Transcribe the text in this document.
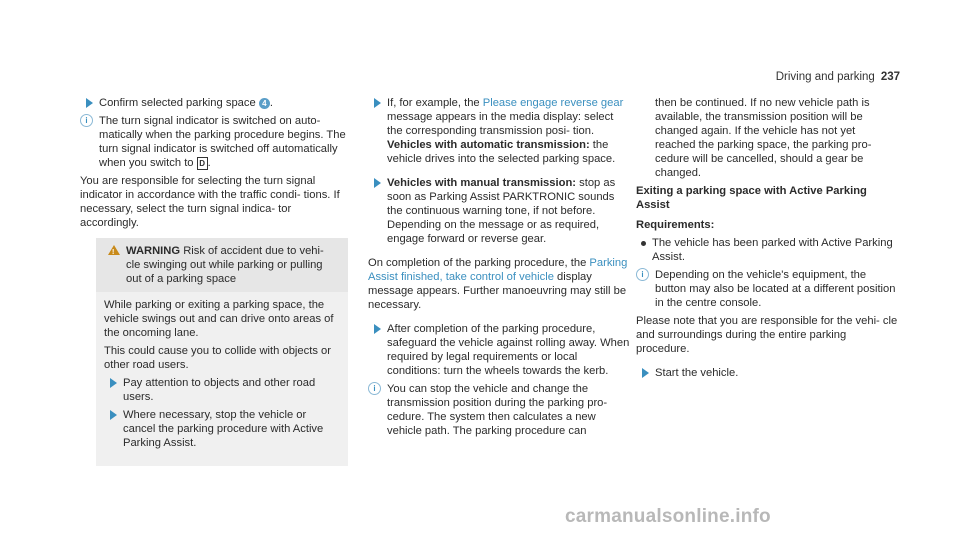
Driving and parking 237
Confirm selected parking space 4 .
i	The turn signal indicator is switched on auto- matically when the parking procedure begins. The turn signal indicator is switched off automatically when you switch to D .

You are responsible for selecting the turn signal indicator in accordance with the traffic condi- tions. If necessary, select the turn signal indica- tor accordingly.

! WARNING Risk of accident due to vehi- cle swinging out while parking or pulling out of a parking space

While parking or exiting a parking space, the vehicle swings out and can drive onto areas of the oncoming lane.

This could cause you to collide with objects or other road users.

Pay attention to objects and other road users.
Where necessary, stop the vehicle or cancel the parking procedure with Active Parking Assist.
If, for example, the Please engage reverse gear message appears in the media display: select the corresponding transmission posi- tion.
Vehicles with automatic transmission: the vehicle drives into the selected parking space.
Vehicles with manual transmission: stop as soon as Parking Assist PARKTRONIC sounds the continuous warning tone, if not before. Depending on the message or as required, engage forward or reverse gear.

On completion of the parking procedure, the Parking Assist finished, take control of vehicle display message appears. Further manoeuvring may still be necessary.

After completion of the parking procedure, safeguard the vehicle against rolling away. When required by legal requirements or local conditions: turn the wheels towards the kerb.
i	You can stop the vehicle and change the transmission position during the parking pro- cedure. The system then calculates a new vehicle path. The parking procedure can

then be continued. If no new vehicle path is available, the transmission position will be changed again. If the vehicle has not yet reached the parking space, the parking pro- cedure will be cancelled, should a gear be changed.

Exiting a parking space with Active Parking Assist

Requirements:

The vehicle has been parked with Active Parking Assist.
i	Depending on the vehicle's equipment, the button may also be located at a different position in the centre console.

Please note that you are responsible for the vehi- cle and surroundings during the entire parking procedure.

Start the vehicle.
carmanualsonline.info
